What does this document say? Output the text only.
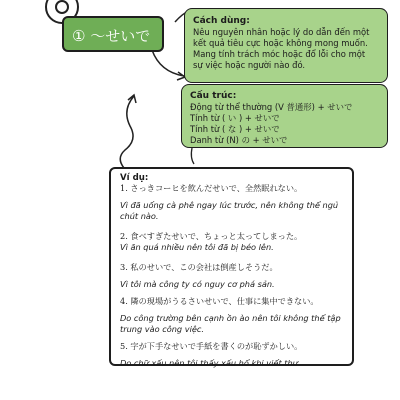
① ～せいで
Cách dùng:
Nêu nguyên nhân hoặc lý do dẫn đến một
kết quả tiêu cực hoặc không mong muốn.
Mang tính trách móc hoặc đổ lỗi cho một
sự việc hoặc người nào đó.
Cấu trúc:
Động từ thể thường (V 普通形) + せいで
Tính từ ( い ) + せいで
Tính từ ( な ) + せいで
Danh từ (N) の + せいで
Ví dụ:
1. さっきコーヒを飲んだせいで、全然眠れない。
Vì đã uống cà phê ngay lúc trước, nên không thể ngủ chút nào.
2. 食べすぎたせいで、ちょっと太ってしまった。
Vì ăn quá nhiều nên tôi đã bị béo lên.
3. 私のせいで、この会社は倒産しそうだ。
Vì tôi mà công ty có nguy cơ phá sản.
4. 隣の現場がうるさいせいで、仕事に集中できない。
Do công trường bên cạnh ồn ào nên tôi không thể tập trung vào công việc.
5. 字が下手なせいで手紙を書くのが恥ずかしい。
Do chữ xấu nên tôi thấy xấu hổ khi viết thư.
